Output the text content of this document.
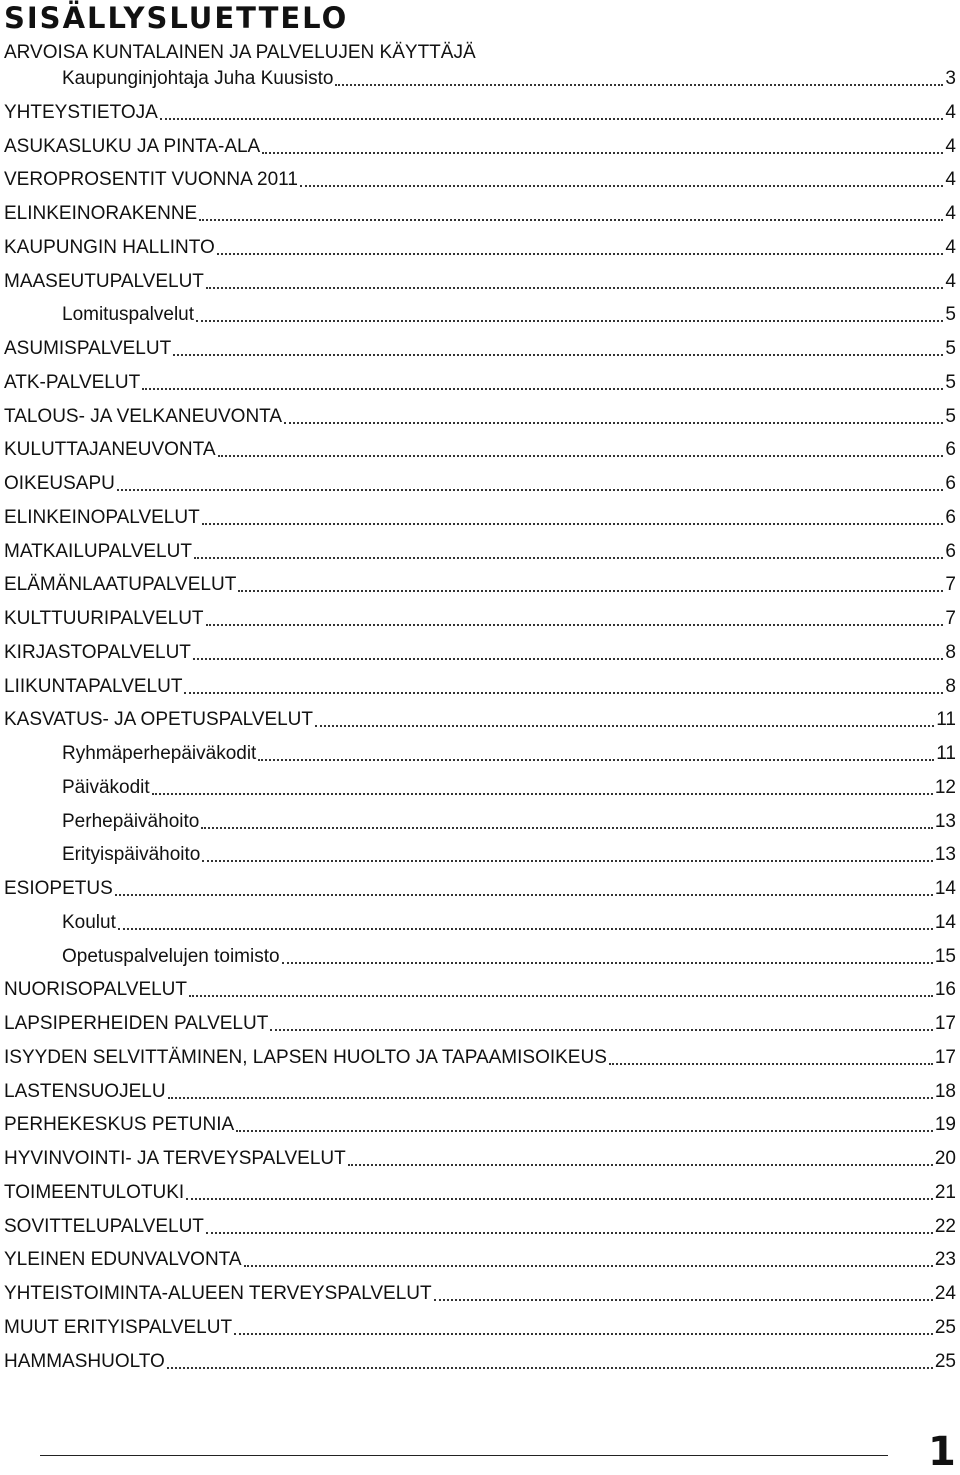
SISÄLLYSLUETTELO
ARVOISA KUNTALAINEN JA PALVELUJEN KÄYTTÄJÄ
Kaupunginjohtaja Juha Kuusisto	3
YHTEYSTIETOJA	4
ASUKASLUKU JA PINTA-ALA	4
VEROPROSENTIT VUONNA 2011	4
ELINKEINORAKENNE	4
KAUPUNGIN HALLINTO	4
MAASEUTUPALVELUT	4
Lomituspalvelut	5
ASUMISPALVELUT	5
ATK-PALVELUT	5
TALOUS- JA VELKANEUVONTA	5
KULUTTAJANEUVONTA	6
OIKEUSAPU	6
ELINKEINOPALVELUT	6
MATKAILUPALVELUT	6
ELÄMÄNLAATUPALVELUT	7
KULTTUURIPALVELUT	7
KIRJASTOPALVELUT	8
LIIKUNTAPALVELUT	8
KASVATUS- JA OPETUSPALVELUT	11
Ryhmäperhepäiväkodit	11
Päiväkodit	12
Perhepäivähoito	13
Erityispäivähoito	13
ESIOPETUS	14
Koulut	14
Opetuspalvelujen toimisto	15
NUORISOPALVELUT	16
LAPSIPERHEIDEN PALVELUT	17
ISYYDEN SELVITTÄMINEN, LAPSEN HUOLTO JA TAPAAMISOIKEUS	17
LASTENSUOJELU	18
PERHEKESKUS PETUNIA	19
HYVINVOINTI- JA TERVEYSPALVELUT	20
TOIMEENTULOTUKI	21
SOVITTELUPALVELUT	22
YLEINEN EDUNVALVONTA	23
YHTEISTOIMINTA-ALUEEN TERVEYSPALVELUT	24
MUUT ERITYISPALVELUT	25
HAMMASHUOLTO	25
1
